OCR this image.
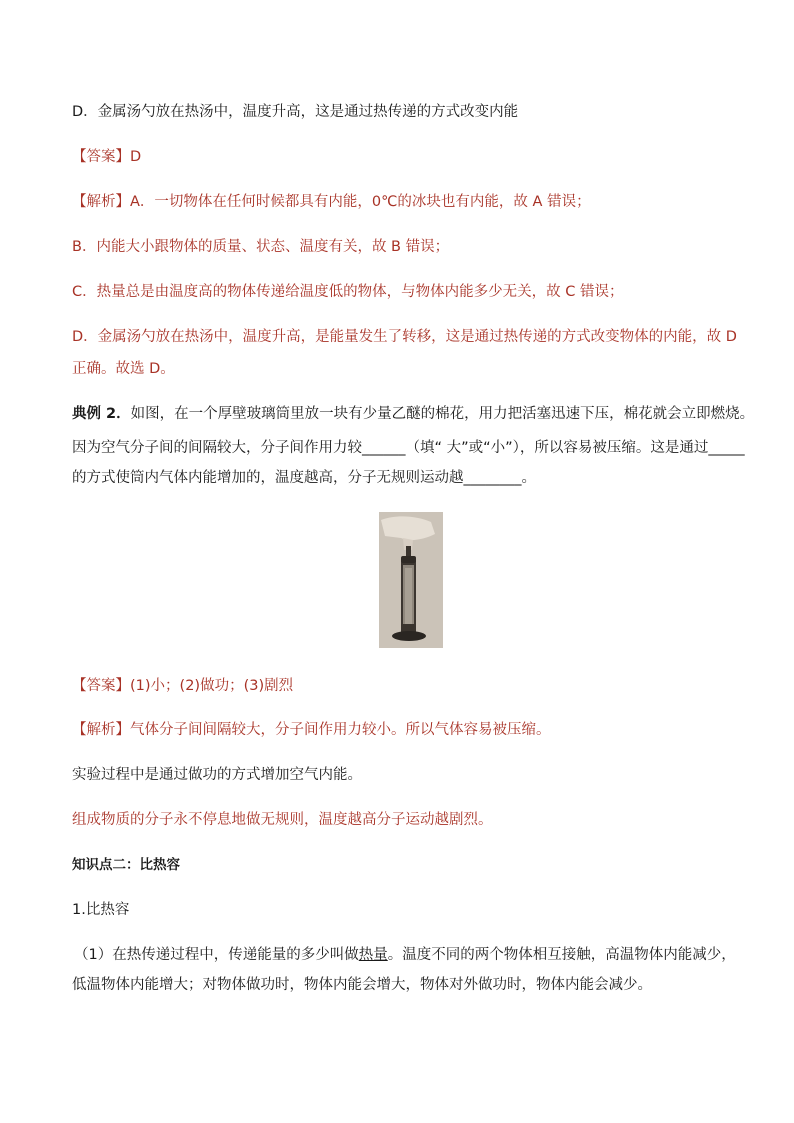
D．金属汤勺放在热汤中，温度升高，这是通过热传递的方式改变内能
【答案】D
【解析】A．一切物体在任何时候都具有内能，0℃的冰块也有内能，故 A 错误；
B．内能大小跟物体的质量、状态、温度有关，故 B 错误；
C．热量总是由温度高的物体传递给温度低的物体，与物体内能多少无关，故 C 错误；
D．金属汤勺放在热汤中，温度升高，是能量发生了转移，这是通过热传递的方式改变物体的内能，故 D
正确。故选 D。
典例 2．如图，在一个厚壁玻璃筒里放一块有少量乙醚的棉花，用力把活塞迅速下压，棉花就会立即燃烧。
因为空气分子间的间隔较大，分子间作用力较______（填“ 大”或“小”），所以容易被压缩。这是通过_____
的方式使筒内气体内能增加的，温度越高，分子无规则运动越________。
【答案】(1)小；(2)做功；(3)剧烈
【解析】气体分子间间隔较大，分子间作用力较小。所以气体容易被压缩。
实验过程中是通过做功的方式增加空气内能。
组成物质的分子永不停息地做无规则，温度越高分子运动越剧烈。
知识点二：比热容
1.比热容
（1）在热传递过程中，传递能量的多少叫做热量。温度不同的两个物体相互接触，高温物体内能减少，
低温物体内能增大；对物体做功时，物体内能会增大，物体对外做功时，物体内能会减少。
